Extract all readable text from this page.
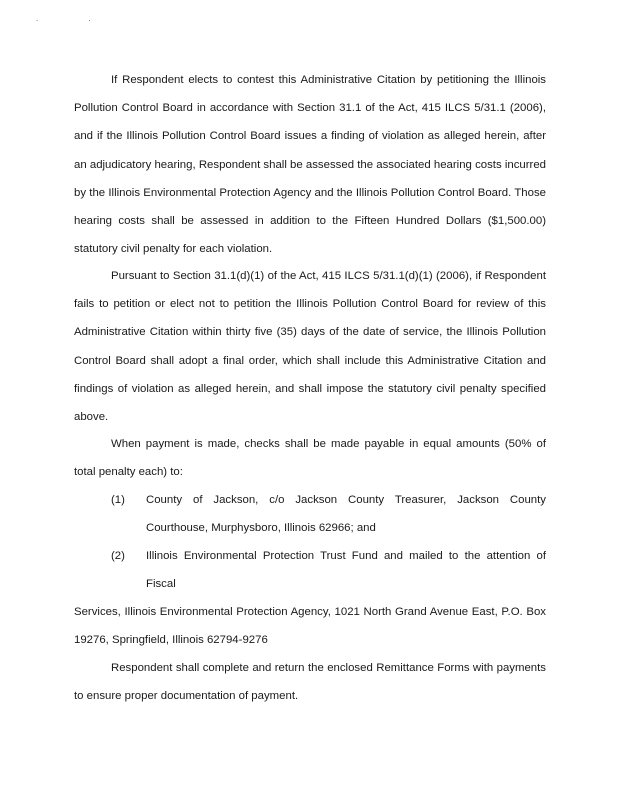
. .

If Respondent elects to contest this Administrative Citation by petitioning the Illinois Pollution Control Board in accordance with Section 31.1 of the Act, 415 ILCS 5/31.1 (2006), and if the Illinois Pollution Control Board issues a finding of violation as alleged herein, after an adjudicatory hearing, Respondent shall be assessed the associated hearing costs incurred by the Illinois Environmental Protection Agency and the Illinois Pollution Control Board. Those hearing costs shall be assessed in addition to the Fifteen Hundred Dollars ($1,500.00) statutory civil penalty for each violation.

Pursuant to Section 31.1(d)(1) of the Act, 415 ILCS 5/31.1(d)(1) (2006), if Respondent fails to petition or elect not to petition the Illinois Pollution Control Board for review of this Administrative Citation within thirty five (35) days of the date of service, the Illinois Pollution Control Board shall adopt a final order, which shall include this Administrative Citation and findings of violation as alleged herein, and shall impose the statutory civil penalty specified above.

When payment is made, checks shall be made payable in equal amounts (50% of total penalty each) to:

(1) County of Jackson, c/o Jackson County Treasurer, Jackson County Courthouse, Murphysboro, Illinois 62966; and
(2) Illinois Environmental Protection Trust Fund and mailed to the attention of Fiscal

Services, Illinois Environmental Protection Agency, 1021 North Grand Avenue East, P.O. Box 19276, Springfield, Illinois 62794-9276

Respondent shall complete and return the enclosed Remittance Forms with payments to ensure proper documentation of payment.
